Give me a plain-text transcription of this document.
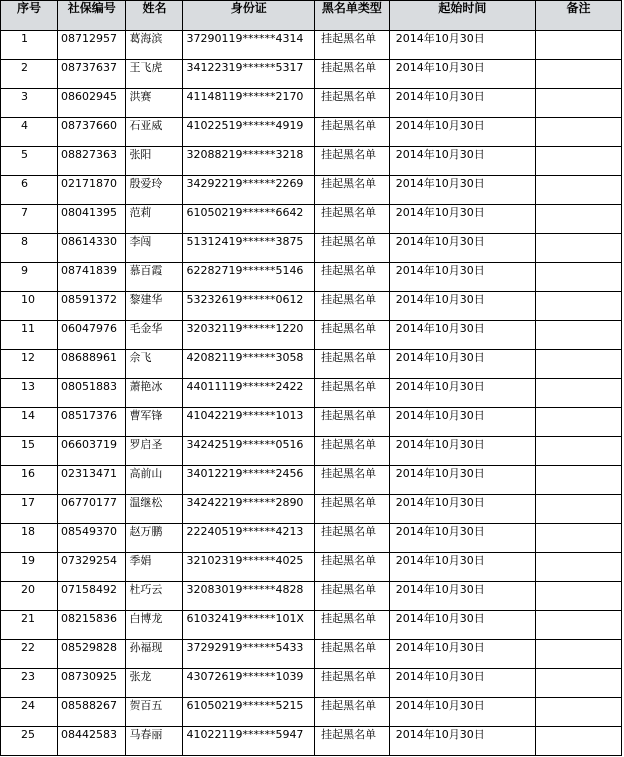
序号	社保编号	姓名	身份证	黑名单类型	起始时间	备注
1	08712957	葛海滨	37290119******4314	挂起黑名单	2014年10月30日	
2	08737637	王飞虎	34122319******5317	挂起黑名单	2014年10月30日	
3	08602945	洪赛	41148119******2170	挂起黑名单	2014年10月30日	
4	08737660	石亚威	41022519******4919	挂起黑名单	2014年10月30日	
5	08827363	张阳	32088219******3218	挂起黑名单	2014年10月30日	
6	02171870	殷爱玲	34292219******2269	挂起黑名单	2014年10月30日	
7	08041395	范莉	61050219******6642	挂起黑名单	2014年10月30日	
8	08614330	李闯	51312419******3875	挂起黑名单	2014年10月30日	
9	08741839	慕百霞	62282719******5146	挂起黑名单	2014年10月30日	
10	08591372	黎建华	53232619******0612	挂起黑名单	2014年10月30日	
11	06047976	毛金华	32032119******1220	挂起黑名单	2014年10月30日	
12	08688961	佘飞	42082119******3058	挂起黑名单	2014年10月30日	
13	08051883	萧艳冰	44011119******2422	挂起黑名单	2014年10月30日	
14	08517376	曹军锋	41042219******1013	挂起黑名单	2014年10月30日	
15	06603719	罗启圣	34242519******0516	挂起黑名单	2014年10月30日	
16	02313471	高前山	34012219******2456	挂起黑名单	2014年10月30日	
17	06770177	温继松	34242219******2890	挂起黑名单	2014年10月30日	
18	08549370	赵万鹏	22240519******4213	挂起黑名单	2014年10月30日	
19	07329254	季娟	32102319******4025	挂起黑名单	2014年10月30日	
20	07158492	杜巧云	32083019******4828	挂起黑名单	2014年10月30日	
21	08215836	白博龙	61032419******101X	挂起黑名单	2014年10月30日	
22	08529828	孙福现	37292919******5433	挂起黑名单	2014年10月30日	
23	08730925	张龙	43072619******1039	挂起黑名单	2014年10月30日	
24	08588267	贺百五	61050219******5215	挂起黑名单	2014年10月30日	
25	08442583	马春丽	41022119******5947	挂起黑名单	2014年10月30日	
